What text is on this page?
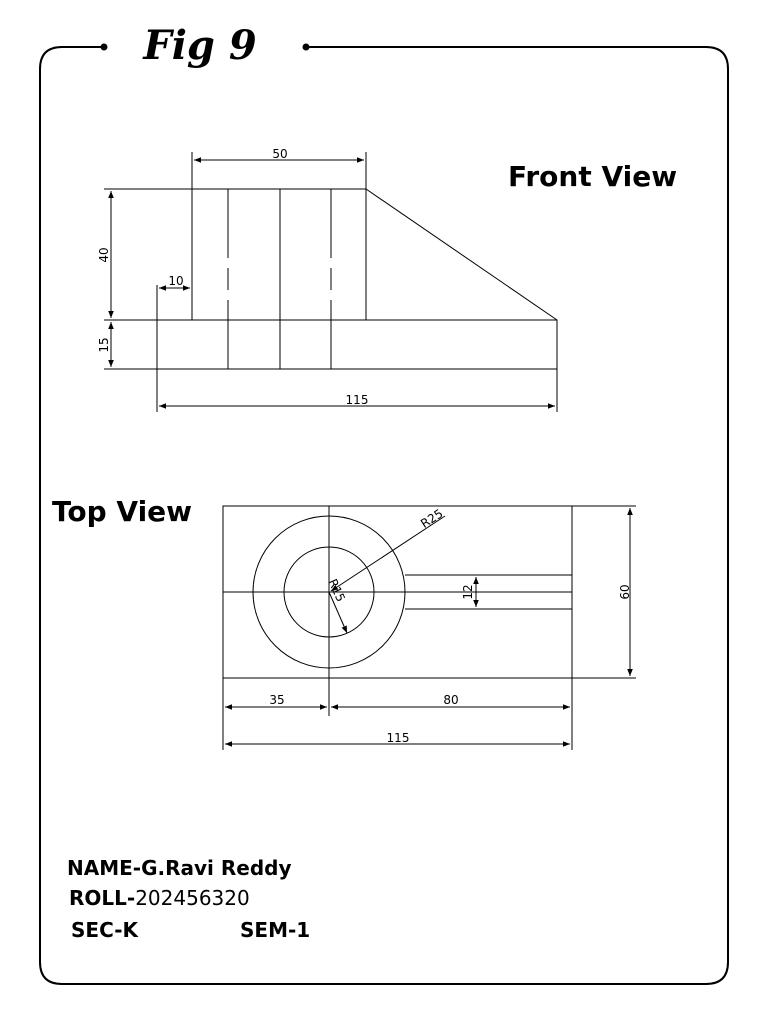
50
40
15
10
115
R25
R15	12	60
35	80
115
Fig 9
Front View
Top View
NAME-G.Ravi Reddy
ROLL-202456320
SEC-K	SEM-1
